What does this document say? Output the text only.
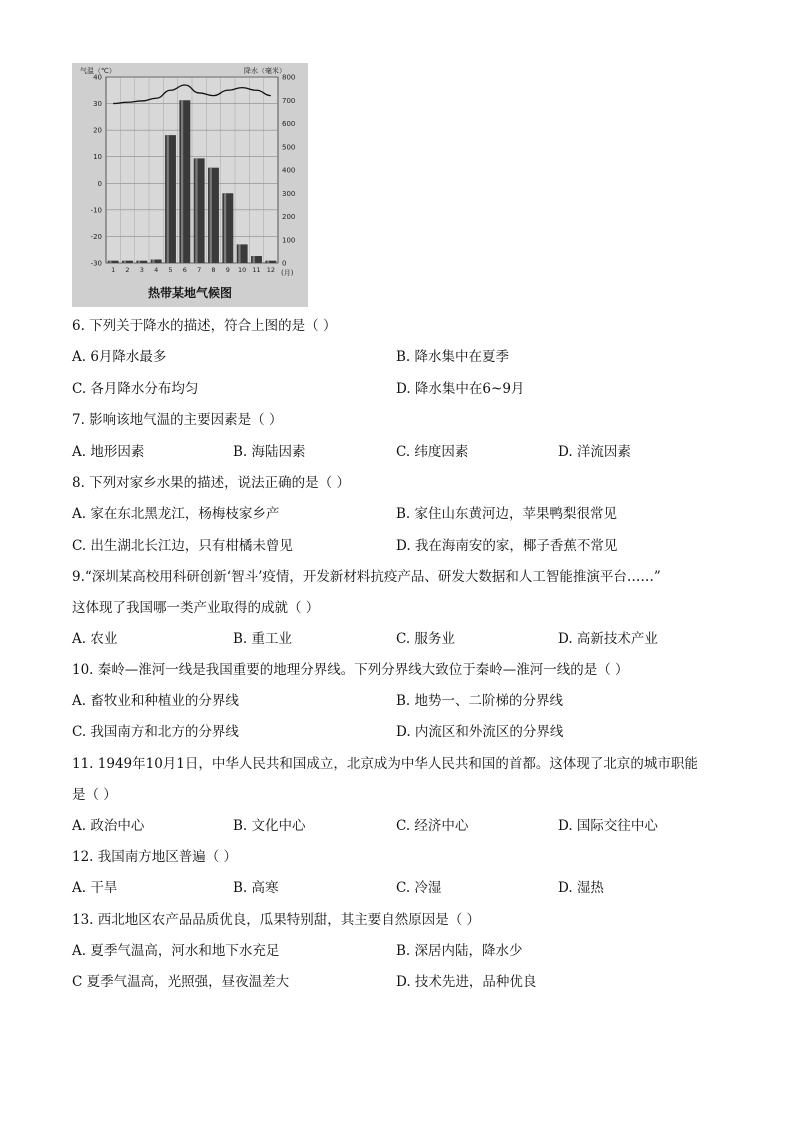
40
30
20
10
0
-10
-20
-30
800
700
600
500
400
300
200
100
0
1 2 3 4 5 6 7 8 9 10 11 12
气温（℃）	降水（毫米）
(月)
热带某地气候图
6. 下列关于降水的描述，符合上图的是（ ）
A. 6月降水最多	B. 降水集中在夏季
C. 各月降水分布均匀	D. 降水集中在6~9月
7. 影响该地气温的主要因素是（ ）
A. 地形因素	B. 海陆因素	C. 纬度因素	D. 洋流因素
8. 下列对家乡水果的描述，说法正确的是（ ）
A. 家在东北黑龙江，杨梅枝家乡产	B. 家住山东黄河边，苹果鸭梨很常见
C. 出生湖北长江边，只有柑橘未曾见	D. 我在海南安的家，椰子香蕉不常见
9.“深圳某高校用科研创新‘智斗’疫情，开发新材料抗疫产品、研发大数据和人工智能推演平台……”
这体现了我国哪一类产业取得的成就（ ）
A. 农业	B. 重工业	C. 服务业	D. 高新技术产业
10. 秦岭—淮河一线是我国重要的地理分界线。下列分界线大致位于秦岭—淮河一线的是（ ）
A. 畜牧业和种植业的分界线	B. 地势一、二阶梯的分界线
C. 我国南方和北方的分界线	D. 内流区和外流区的分界线
11. 1949年10月1日，中华人民共和国成立，北京成为中华人民共和国的首都。这体现了北京的城市职能
是（ ）
A. 政治中心	B. 文化中心	C. 经济中心	D. 国际交往中心
12. 我国南方地区普遍（ ）
A. 干旱	B. 高寒	C. 冷湿	D. 湿热
13. 西北地区农产品品质优良，瓜果特别甜，其主要自然原因是（ ）
A. 夏季气温高，河水和地下水充足	B. 深居内陆，降水少
C 夏季气温高，光照强，昼夜温差大	D. 技术先进，品种优良
